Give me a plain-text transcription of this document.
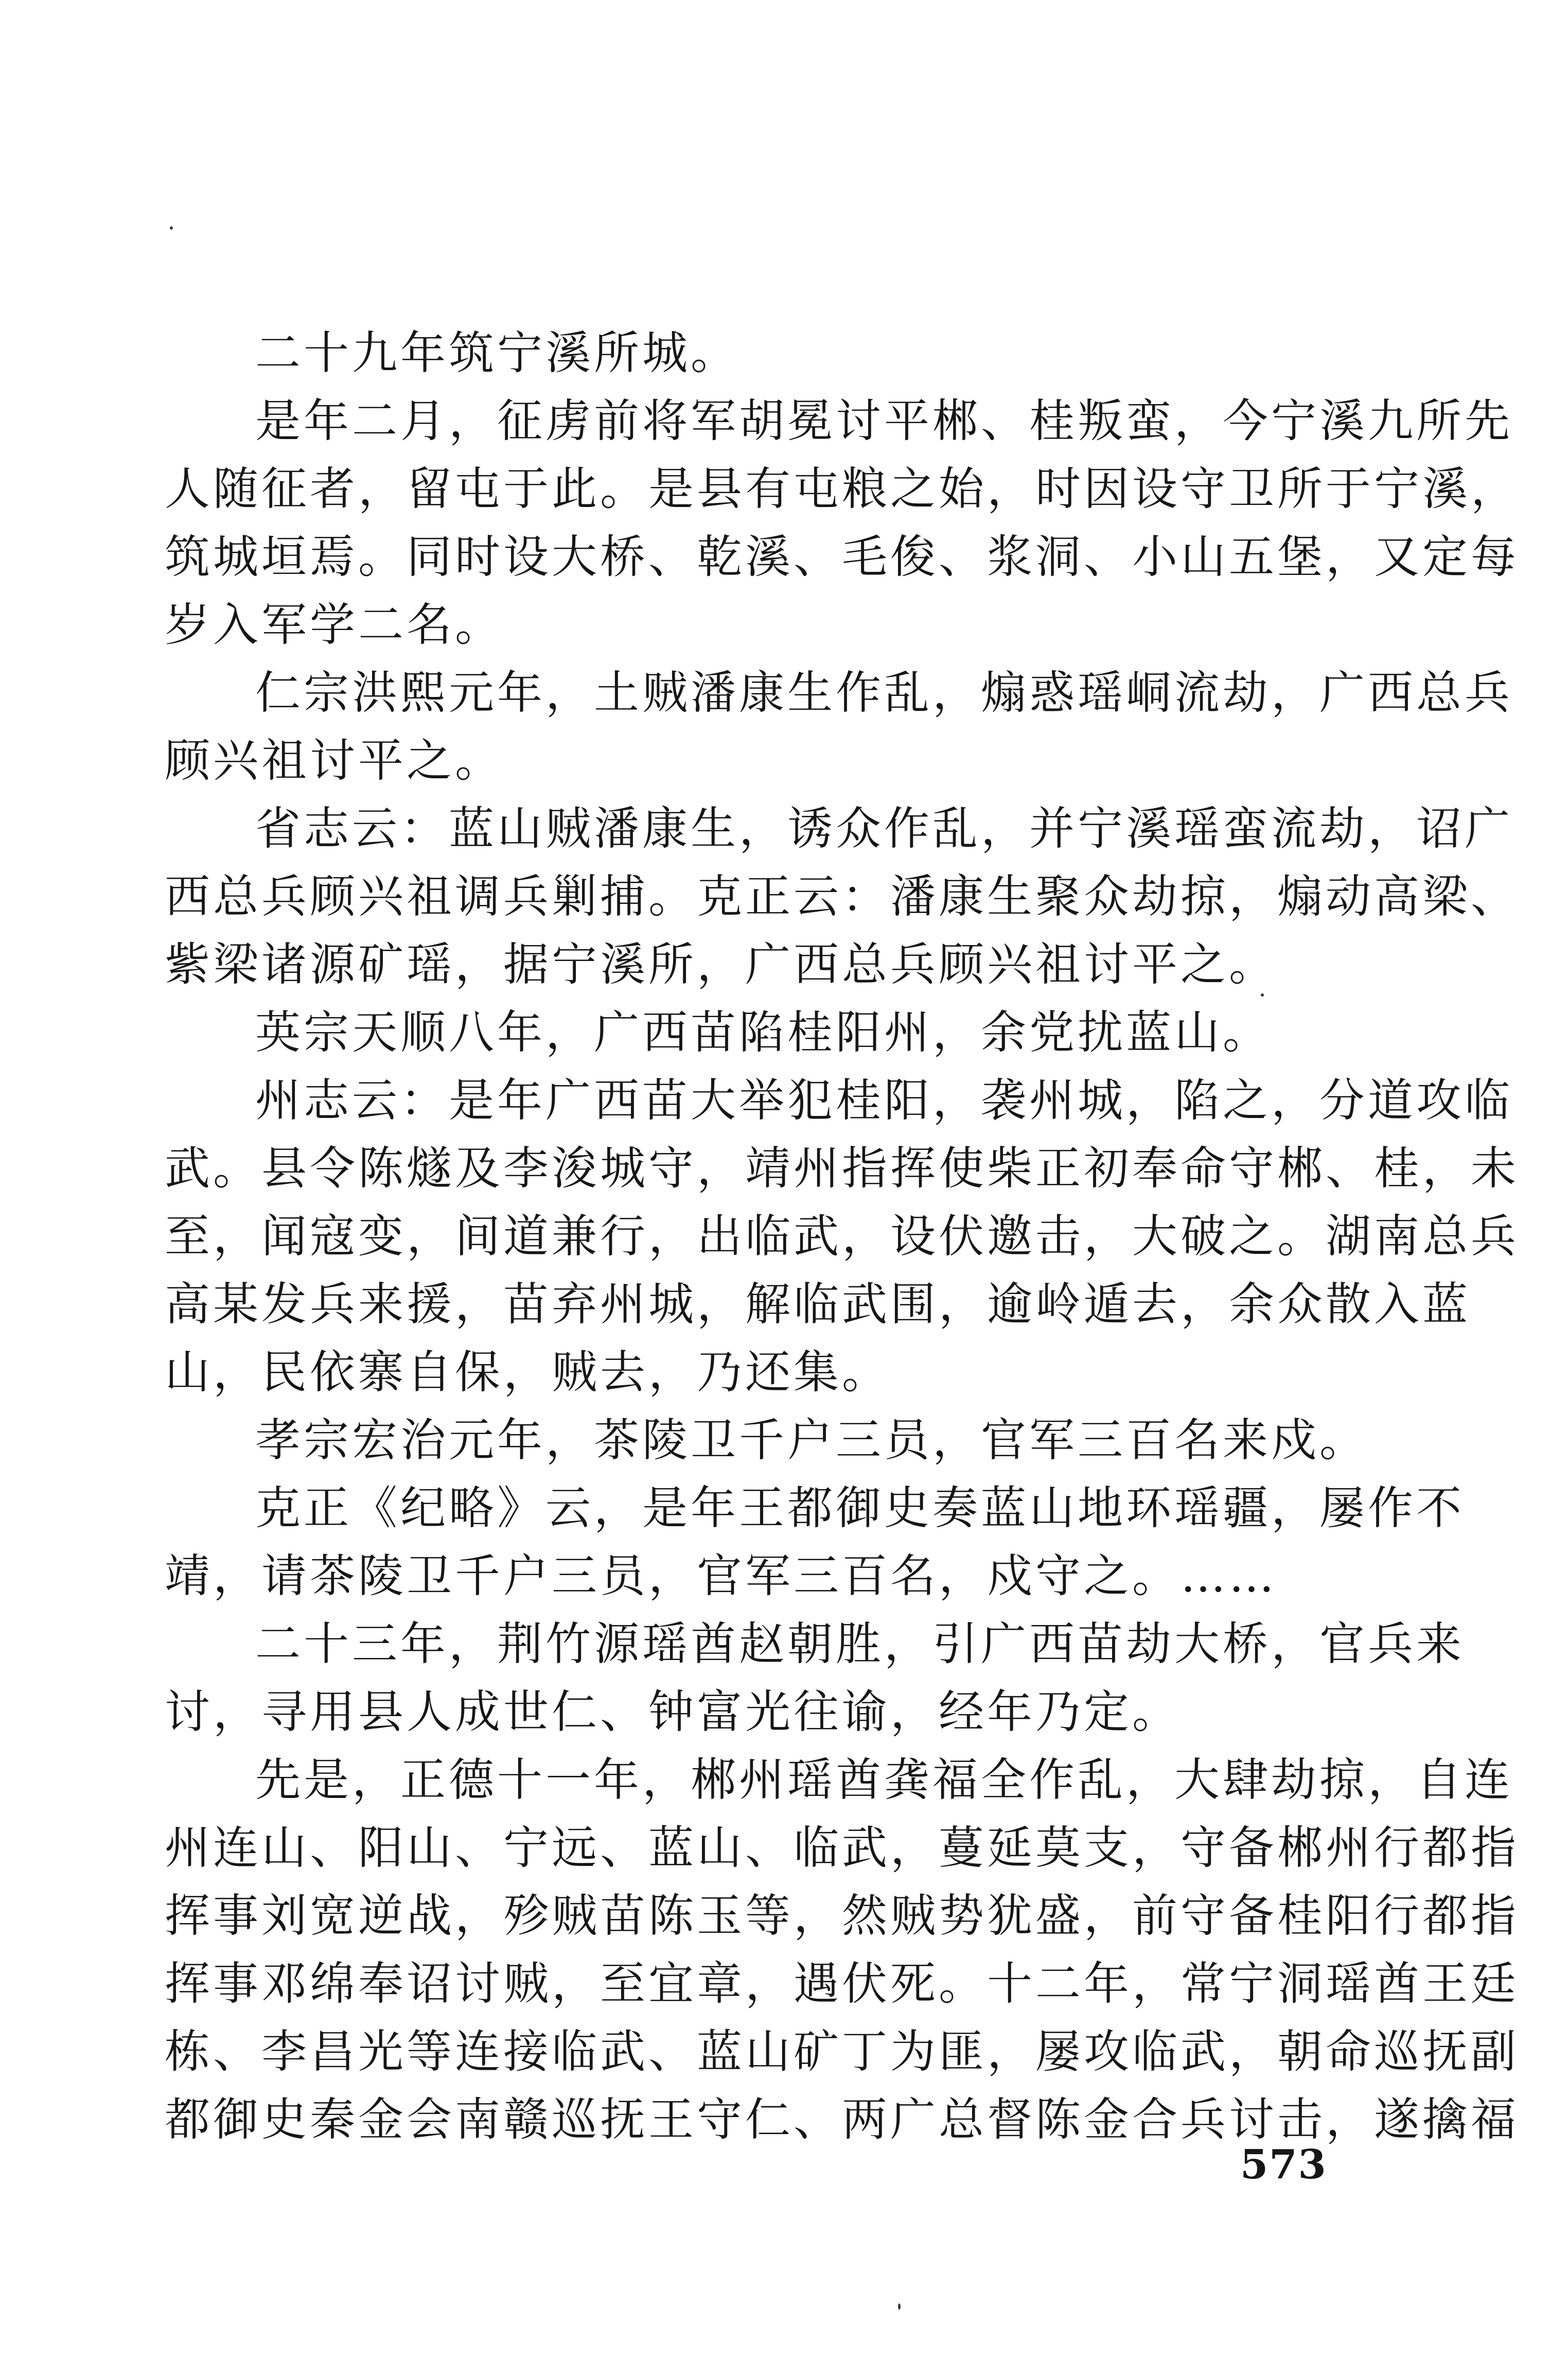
二十九年筑宁溪所城。
是年二月，征虏前将军胡冕讨平郴、桂叛蛮，今宁溪九所先
人随征者，留屯于此。是县有屯粮之始，时因设守卫所于宁溪，
筑城垣焉。同时设大桥、乾溪、毛俊、浆洞、小山五堡，又定每
岁入军学二名。
仁宗洪熙元年，土贼潘康生作乱，煽惑瑶峒流劫，广西总兵
顾兴祖讨平之。
省志云：蓝山贼潘康生，诱众作乱，并宁溪瑶蛮流劫，诏广
西总兵顾兴祖调兵剿捕。克正云：潘康生聚众劫掠，煽动高梁、
紫梁诸源矿瑶，据宁溪所，广西总兵顾兴祖讨平之。
英宗天顺八年，广西苗陷桂阳州，余党扰蓝山。
州志云：是年广西苗大举犯桂阳，袭州城，陷之，分道攻临
武。县令陈燧及李浚城守，靖州指挥使柴正初奉命守郴、桂，未
至，闻寇变，间道兼行，出临武，设伏邀击，大破之。湖南总兵
高某发兵来援，苗弃州城，解临武围，逾岭遁去，余众散入蓝
山，民依寨自保，贼去，乃还集。
孝宗宏治元年，茶陵卫千户三员，官军三百名来戍。
克正《纪略》云，是年王都御史奏蓝山地环瑶疆，屡作不
靖，请茶陵卫千户三员，官军三百名，戍守之。……
二十三年，荆竹源瑶酋赵朝胜，引广西苗劫大桥，官兵来
讨，寻用县人成世仁、钟富光往谕，经年乃定。
先是，正德十一年，郴州瑶酋龚福全作乱，大肆劫掠，自连
州连山、阳山、宁远、蓝山、临武，蔓延莫支，守备郴州行都指
挥事刘宽逆战，殄贼苗陈玉等，然贼势犹盛，前守备桂阳行都指
挥事邓绵奉诏讨贼，至宜章，遇伏死。十二年，常宁洞瑶酋王廷
栋、李昌光等连接临武、蓝山矿丁为匪，屡攻临武，朝命巡抚副
都御史秦金会南赣巡抚王守仁、两广总督陈金合兵讨击，遂擒福
573
